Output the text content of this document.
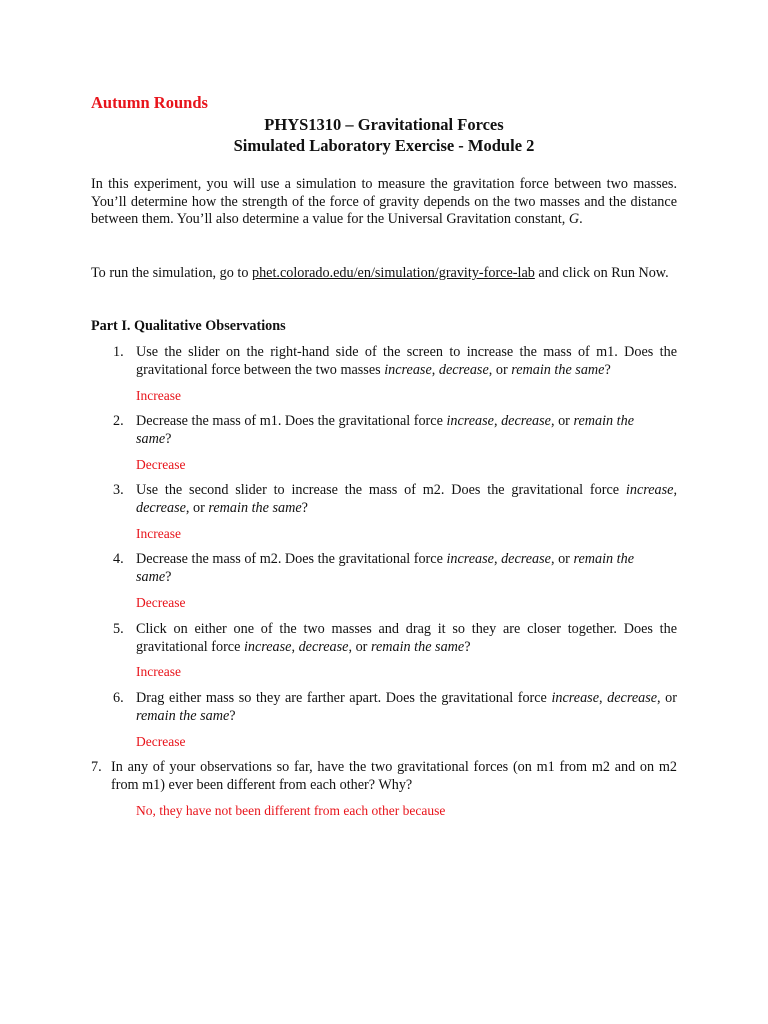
Autumn Rounds
PHYS1310 – Gravitational Forces
Simulated Laboratory Exercise - Module 2
In this experiment, you will use a simulation to measure the gravitation force between two masses. You’ll determine how the strength of the force of gravity depends on the two masses and the distance between them. You’ll also determine a value for the Universal Gravitation constant, G.
To run the simulation, go to phet.colorado.edu/en/simulation/gravity-force-lab and click on Run Now.
Part I. Qualitative Observations
1. Use the slider on the right-hand side of the screen to increase the mass of m1. Does the gravitational force between the two masses increase, decrease, or remain the same?
Increase
2. Decrease the mass of m1. Does the gravitational force increase, decrease, or remain the
same?
Decrease
3. Use the second slider to increase the mass of m2. Does the gravitational force increase, decrease, or remain the same?
Increase
4. Decrease the mass of m2. Does the gravitational force increase, decrease, or remain the
same?
Decrease
5. Click on either one of the two masses and drag it so they are closer together. Does the gravitational force increase, decrease, or remain the same?
Increase
6. Drag either mass so they are farther apart. Does the gravitational force increase, decrease, or remain the same?
Decrease
7. In any of your observations so far, have the two gravitational forces (on m1 from m2 and on m2 from m1) ever been different from each other? Why?
No, they have not been different from each other because
